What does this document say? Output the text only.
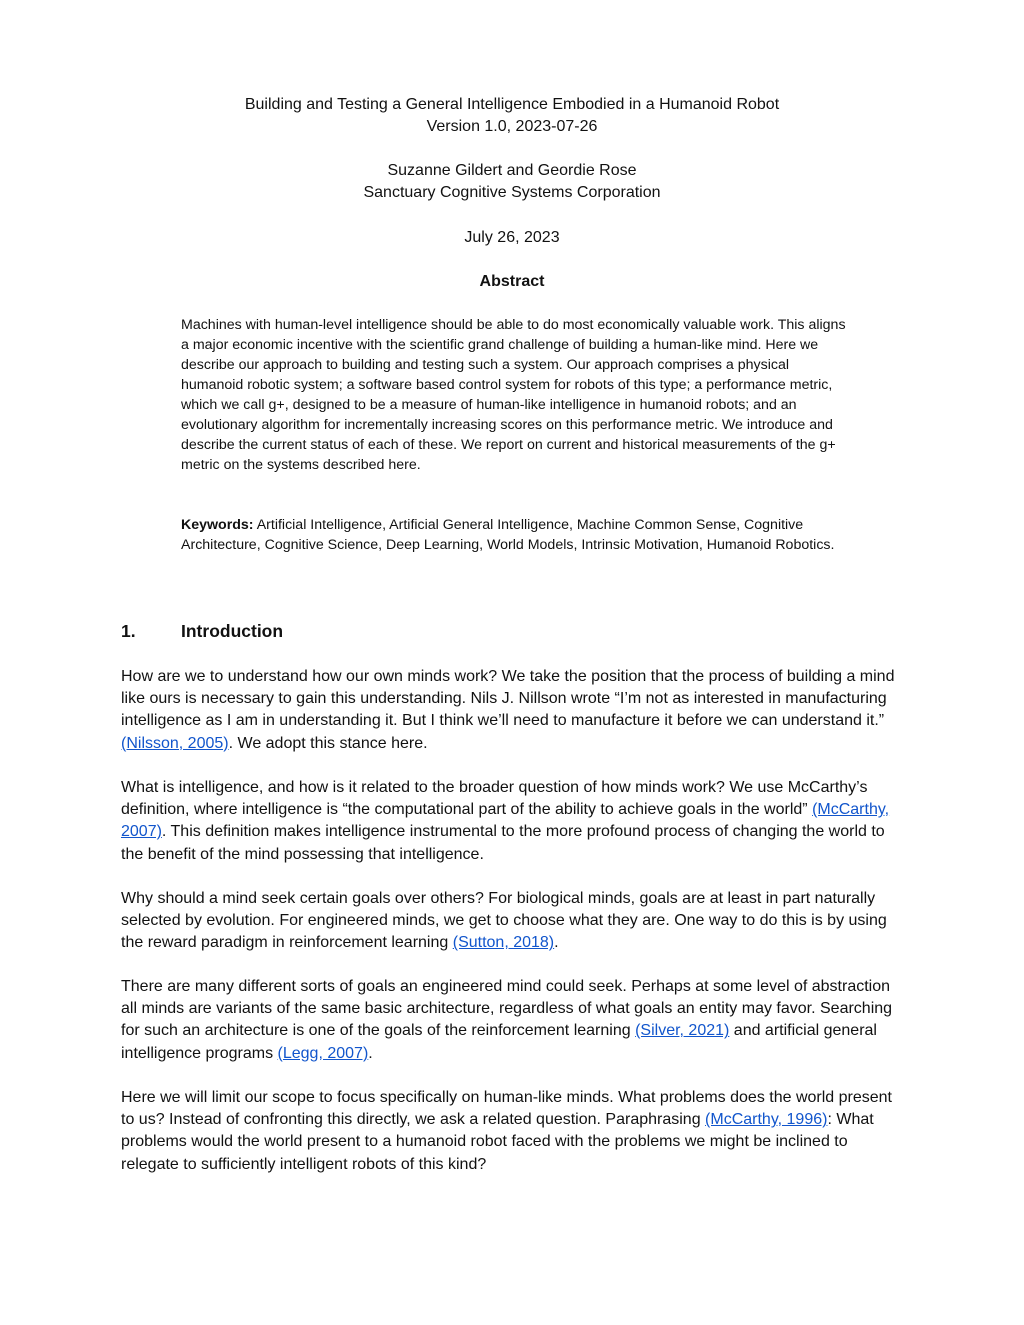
Building and Testing a General Intelligence Embodied in a Humanoid Robot
Version 1.0, 2023-07-26
Suzanne Gildert and Geordie Rose
Sanctuary Cognitive Systems Corporation
July 26, 2023
Abstract

Machines with human-level intelligence should be able to do most economically valuable work. This aligns a major economic incentive with the scientific grand challenge of building a human-like mind. Here we describe our approach to building and testing such a system. Our approach comprises a physical humanoid robotic system; a software based control system for robots of this type; a performance metric, which we call g+, designed to be a measure of human-like intelligence in humanoid robots; and an evolutionary algorithm for incrementally increasing scores on this performance metric. We introduce and describe the current status of each of these. We report on current and historical measurements of the g+ metric on the systems described here.

Keywords: Artificial Intelligence, Artificial General Intelligence, Machine Common Sense, Cognitive Architecture, Cognitive Science, Deep Learning, World Models, Intrinsic Motivation, Humanoid Robotics.

1.	Introduction

How are we to understand how our own minds work? We take the position that the process of building a mind like ours is necessary to gain this understanding. Nils J. Nillson wrote “I’m not as interested in manufacturing intelligence as I am in understanding it. But I think we’ll need to manufacture it before we can understand it.” (Nilsson, 2005). We adopt this stance here.

What is intelligence, and how is it related to the broader question of how minds work? We use McCarthy’s definition, where intelligence is “the computational part of the ability to achieve goals in the world” (McCarthy, 2007). This definition makes intelligence instrumental to the more profound process of changing the world to the benefit of the mind possessing that intelligence.

Why should a mind seek certain goals over others? For biological minds, goals are at least in part naturally selected by evolution. For engineered minds, we get to choose what they are. One way to do this is by using the reward paradigm in reinforcement learning (Sutton, 2018).

There are many different sorts of goals an engineered mind could seek. Perhaps at some level of abstraction all minds are variants of the same basic architecture, regardless of what goals an entity may favor. Searching for such an architecture is one of the goals of the reinforcement learning (Silver, 2021) and artificial general intelligence programs (Legg, 2007).

Here we will limit our scope to focus specifically on human-like minds. What problems does the world present to us? Instead of confronting this directly, we ask a related question. Paraphrasing (McCarthy, 1996): What problems would the world present to a humanoid robot faced with the problems we might be inclined to relegate to sufficiently intelligent robots of this kind?
